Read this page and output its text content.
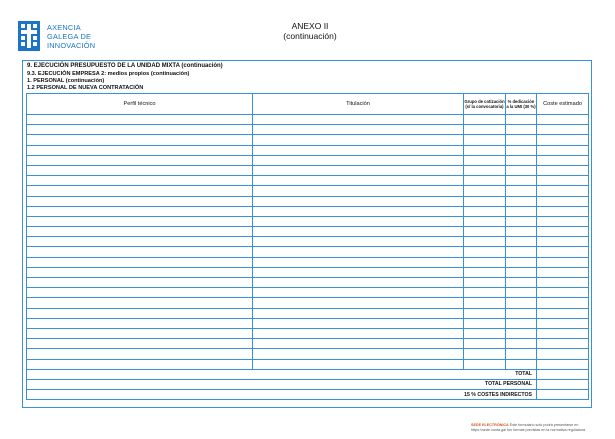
AXENCIA
GALEGA DE
INNOVACIÓN
ANEXO II
(continuación)
9. EJECUCIÓN PRESUPUESTO DE LA UNIDAD MIXTA (continuación)
9.3. EJECUCIÓN EMPRESA 2: medios propios (continuación)
1. PERSONAL (continuación)
1.2 PERSONAL DE NUEVA CONTRATACIÓN
Perfil técnico	Titulación	Grupo de cotización (s/ la convocatoria)	% dedicación a la UMI (30 %)	Coste estimado

TOTAL				
TOTAL PERSONAL				
15 % COSTES INDIRECTOS				
SEDE ELECTRÓNICA Este formulario solo podrá presentarse en
https://sede.xunta.gal fun formas previstas en la normativa reguladora
